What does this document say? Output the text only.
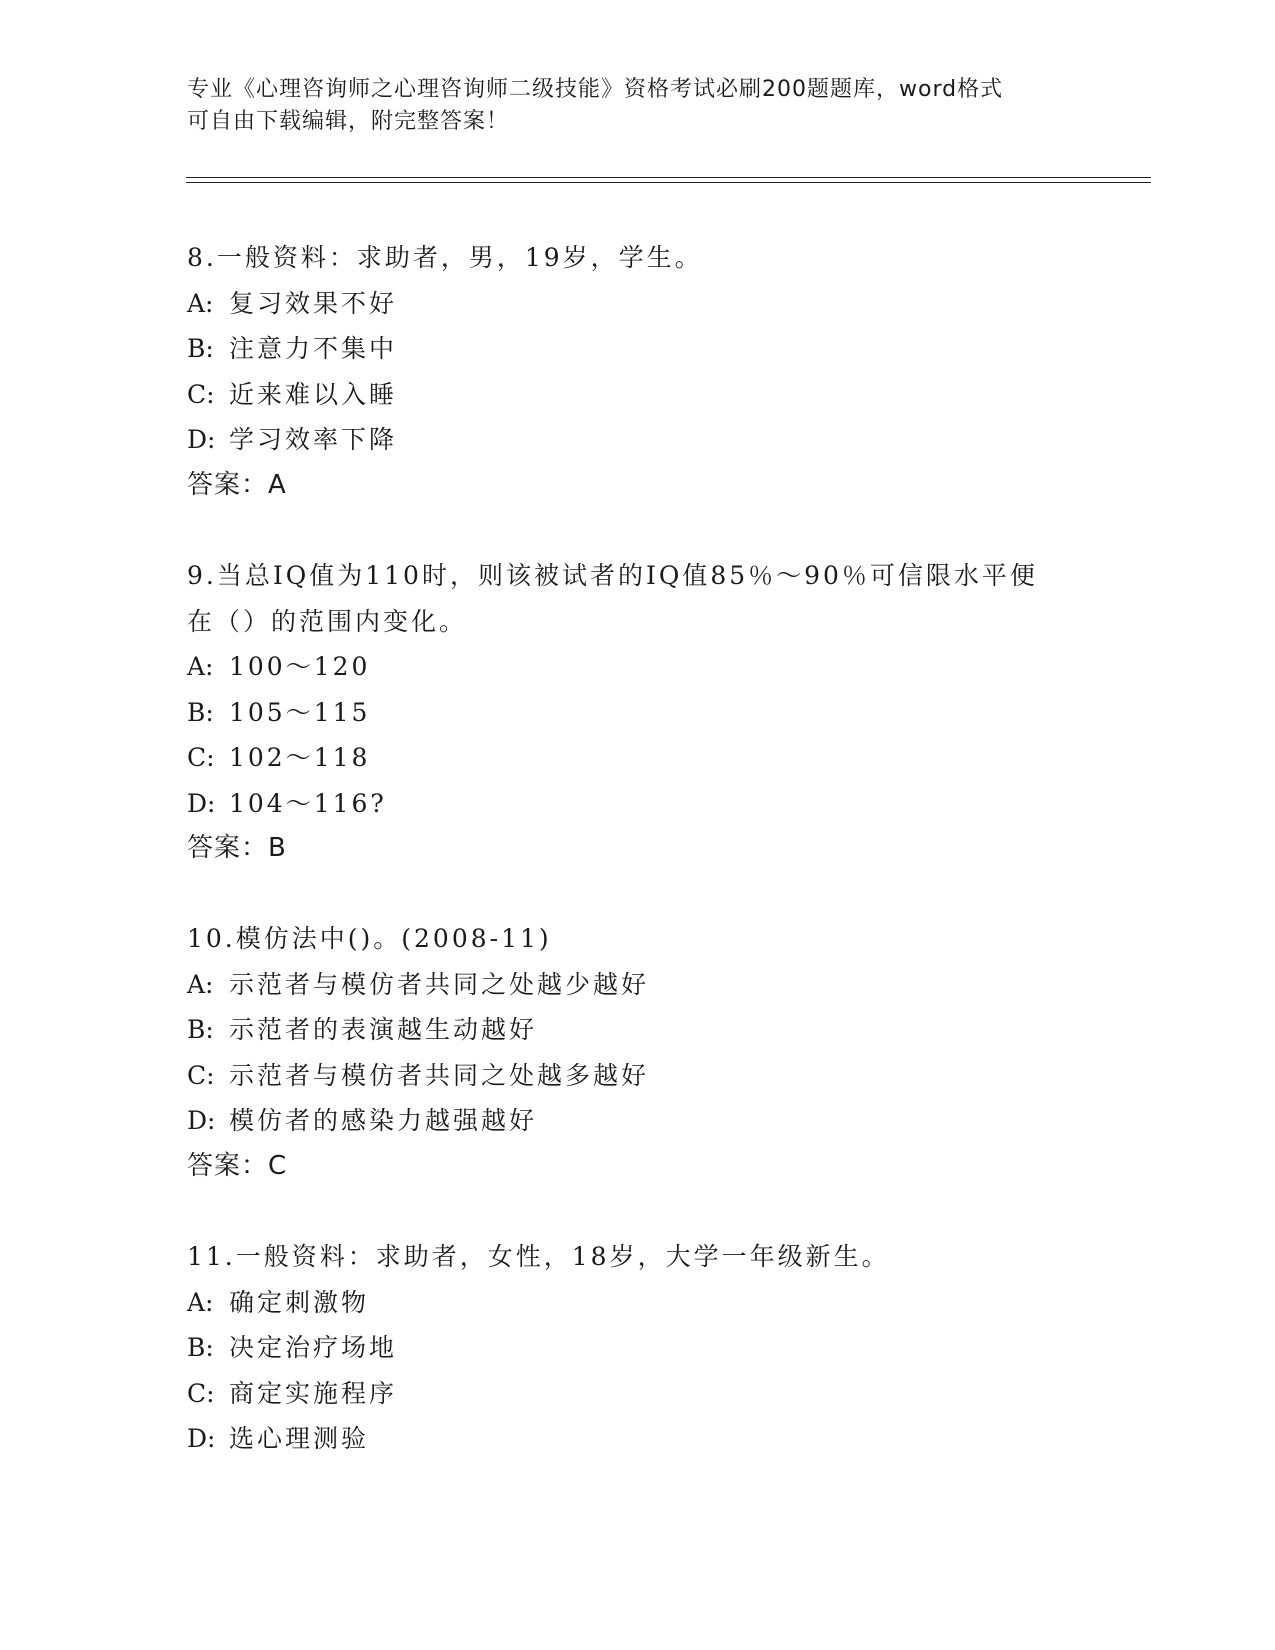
专业《心理咨询师之心理咨询师二级技能》资格考试必刷200题题库，word格式
可自由下载编辑，附完整答案！
8.一般资料：求助者，男，19岁，学生。
A: 复习效果不好
B: 注意力不集中
C: 近来难以入睡
D: 学习效率下降
答案：A
9.当总IQ值为110时，则该被试者的IQ值85％～90％可信限水平便
在（）的范围内变化。
A: 100～120
B: 105～115
C: 102～118
D: 104～116?
答案：B
10.模仿法中()。(2008-11)
A: 示范者与模仿者共同之处越少越好
B: 示范者的表演越生动越好
C: 示范者与模仿者共同之处越多越好
D: 模仿者的感染力越强越好
答案：C
11.一般资料：求助者，女性，18岁，大学一年级新生。
A: 确定刺激物
B: 决定治疗场地
C: 商定实施程序
D: 选心理测验
